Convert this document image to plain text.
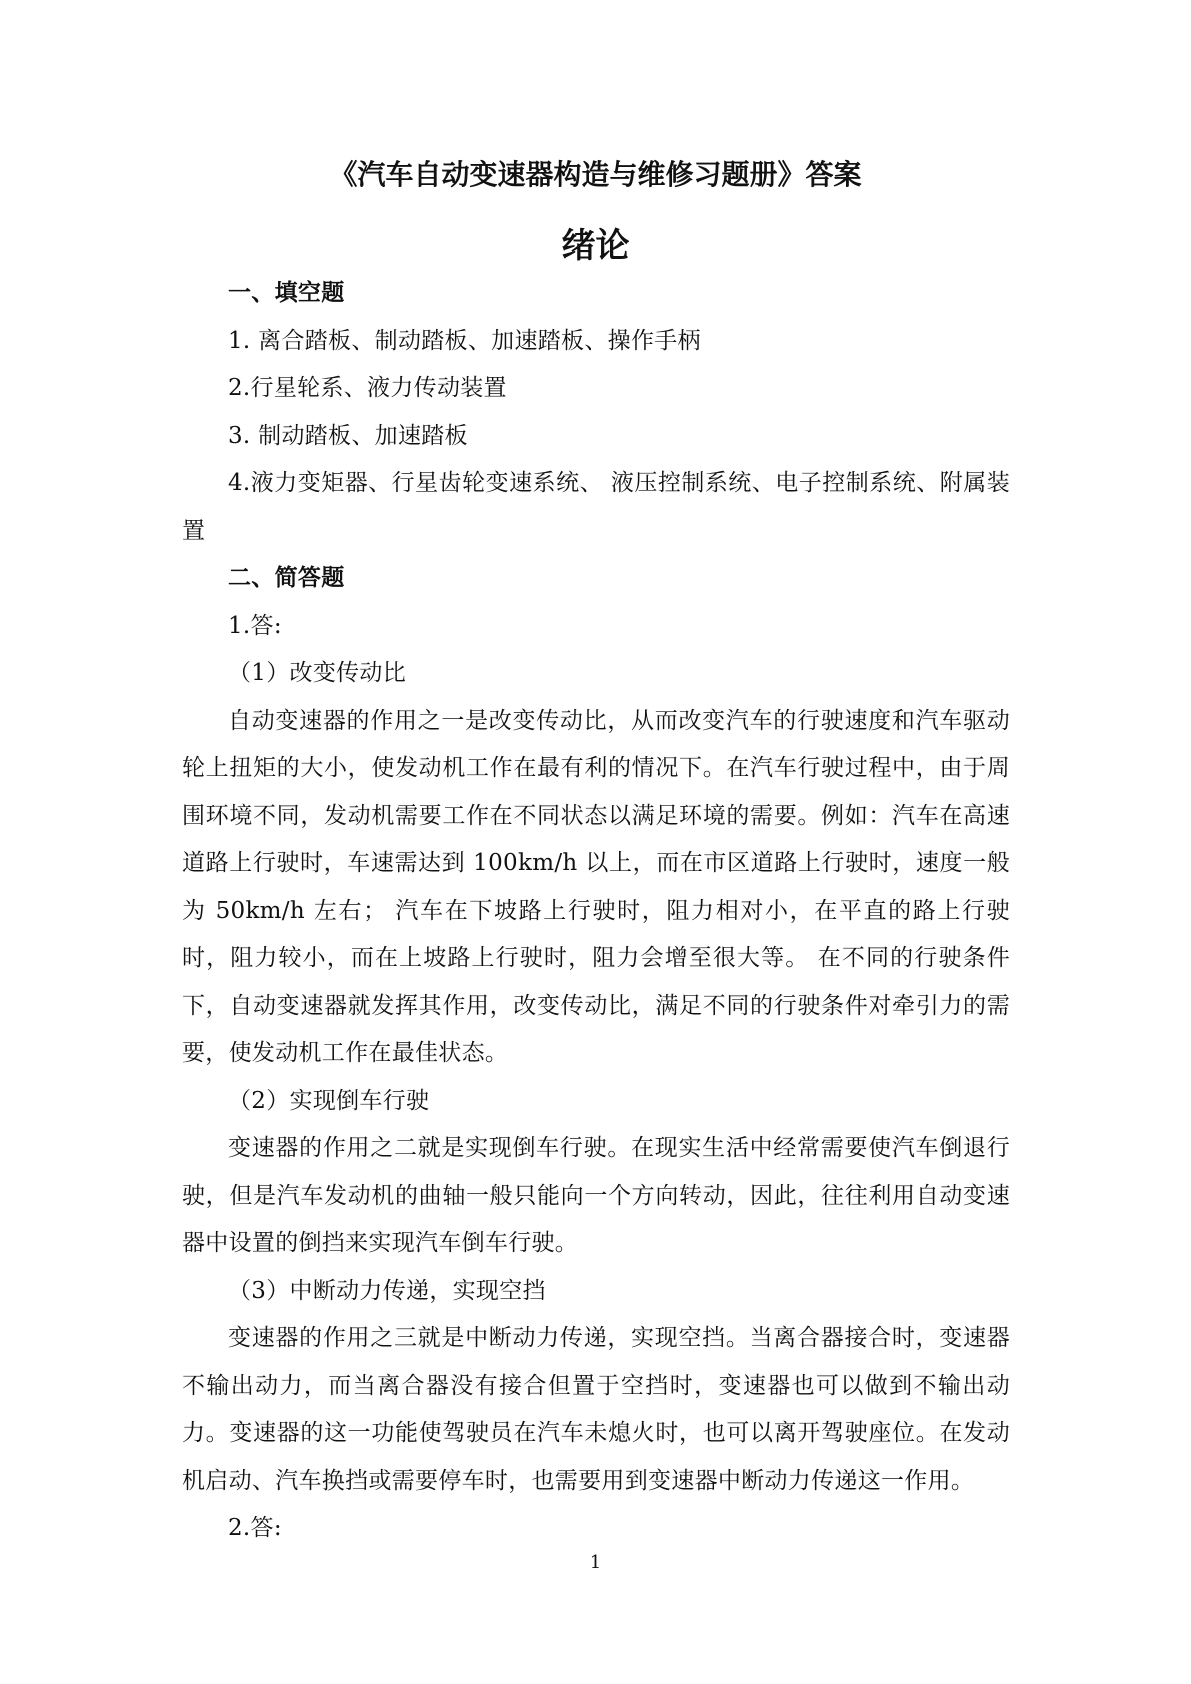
《汽车自动变速器构造与维修习题册》答案
绪论

一、填空题

1. 离合踏板、制动踏板、加速踏板、操作手柄

2.行星轮系、液力传动装置

3. 制动踏板、加速踏板

4.液力变矩器、行星齿轮变速系统、 液压控制系统、电子控制系统、附属装置

二、简答题

1.答:

（1）改变传动比

自动变速器的作用之一是改变传动比，从而改变汽车的行驶速度和汽车驱动轮上扭矩的大小，使发动机工作在最有利的情况下。在汽车行驶过程中，由于周围环境不同，发动机需要工作在不同状态以满足环境的需要。例如：汽车在高速道路上行驶时，车速需达到 100km/h 以上，而在市区道路上行驶时，速度一般为 50km/h 左右； 汽车在下坡路上行驶时，阻力相对小，在平直的路上行驶时，阻力较小，而在上坡路上行驶时，阻力会增至很大等。 在不同的行驶条件下，自动变速器就发挥其作用，改变传动比，满足不同的行驶条件对牵引力的需要，使发动机工作在最佳状态。

（2）实现倒车行驶

变速器的作用之二就是实现倒车行驶。在现实生活中经常需要使汽车倒退行驶，但是汽车发动机的曲轴一般只能向一个方向转动，因此，往往利用自动变速器中设置的倒挡来实现汽车倒车行驶。

（3）中断动力传递，实现空挡

变速器的作用之三就是中断动力传递，实现空挡。当离合器接合时，变速器不输出动力，而当离合器没有接合但置于空挡时，变速器也可以做到不输出动力。变速器的这一功能使驾驶员在汽车未熄火时，也可以离开驾驶座位。在发动机启动、汽车换挡或需要停车时，也需要用到变速器中断动力传递这一作用。

2.答:

1
